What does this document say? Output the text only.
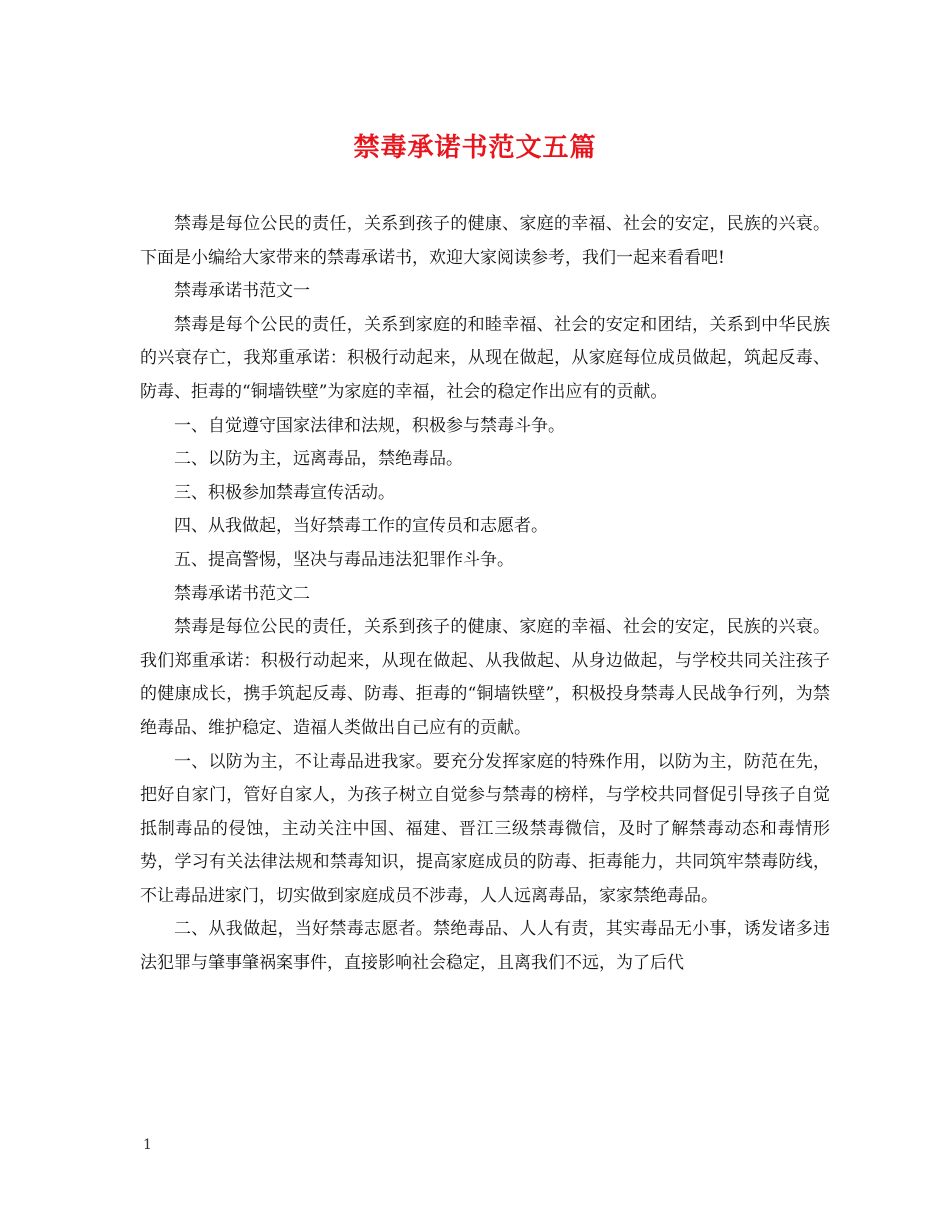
禁毒承诺书范文五篇

禁毒是每位公民的责任，关系到孩子的健康、家庭的幸福、社会的安定，民族的兴衰。下面是小编给大家带来的禁毒承诺书，欢迎大家阅读参考，我们一起来看看吧!

禁毒承诺书范文一

禁毒是每个公民的责任，关系到家庭的和睦幸福、社会的安定和团结，关系到中华民族的兴衰存亡，我郑重承诺：积极行动起来，从现在做起，从家庭每位成员做起，筑起反毒、防毒、拒毒的“铜墙铁壁”为家庭的幸福，社会的稳定作出应有的贡献。

一、自觉遵守国家法律和法规，积极参与禁毒斗争。

二、以防为主，远离毒品，禁绝毒品。

三、积极参加禁毒宣传活动。

四、从我做起，当好禁毒工作的宣传员和志愿者。

五、提高警惕，坚决与毒品违法犯罪作斗争。

禁毒承诺书范文二

禁毒是每位公民的责任，关系到孩子的健康、家庭的幸福、社会的安定，民族的兴衰。我们郑重承诺：积极行动起来，从现在做起、从我做起、从身边做起，与学校共同关注孩子的健康成长，携手筑起反毒、防毒、拒毒的“铜墙铁壁”，积极投身禁毒人民战争行列，为禁绝毒品、维护稳定、造福人类做出自己应有的贡献。

一、以防为主，不让毒品进我家。要充分发挥家庭的特殊作用，以防为主，防范在先，把好自家门，管好自家人，为孩子树立自觉参与禁毒的榜样，与学校共同督促引导孩子自觉抵制毒品的侵蚀，主动关注中国、福建、晋江三级禁毒微信，及时了解禁毒动态和毒情形势，学习有关法律法规和禁毒知识，提高家庭成员的防毒、拒毒能力，共同筑牢禁毒防线，不让毒品进家门，切实做到家庭成员不涉毒，人人远离毒品，家家禁绝毒品。

二、从我做起，当好禁毒志愿者。禁绝毒品、人人有责，其实毒品无小事，诱发诸多违法犯罪与肇事肇祸案事件，直接影响社会稳定，且离我们不远，为了后代

1
